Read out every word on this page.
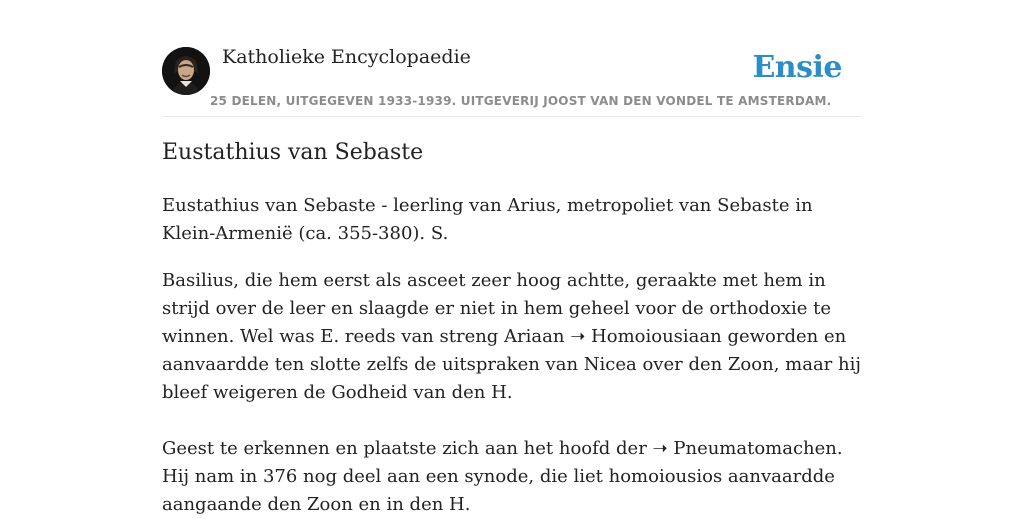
Katholieke Encyclopaedie	Ensie
25 DELEN, UITGEGEVEN 1933-1939. UITGEVERIJ JOOST VAN DEN VONDEL TE AMSTERDAM.
Eustathius van Sebaste

Eustathius van Sebaste - leerling van Arius, metropoliet van Sebaste in Klein-Armenië (ca. 355-380). S.

Basilius, die hem eerst als asceet zeer hoog achtte, geraakte met hem in strijd over de leer en slaagde er niet in hem geheel voor de orthodoxie te winnen. Wel was E. reeds van streng Ariaan ➝ Homoiousiaan geworden en aanvaardde ten slotte zelfs de uitspraken van Nicea over den Zoon, maar hij bleef weigeren de Godheid van den H.

Geest te erkennen en plaatste zich aan het hoofd der ➝ Pneumatomachen. Hij nam in 376 nog deel aan een synode, die liet homoiousios aanvaardde aangaande den Zoon en in den H.
